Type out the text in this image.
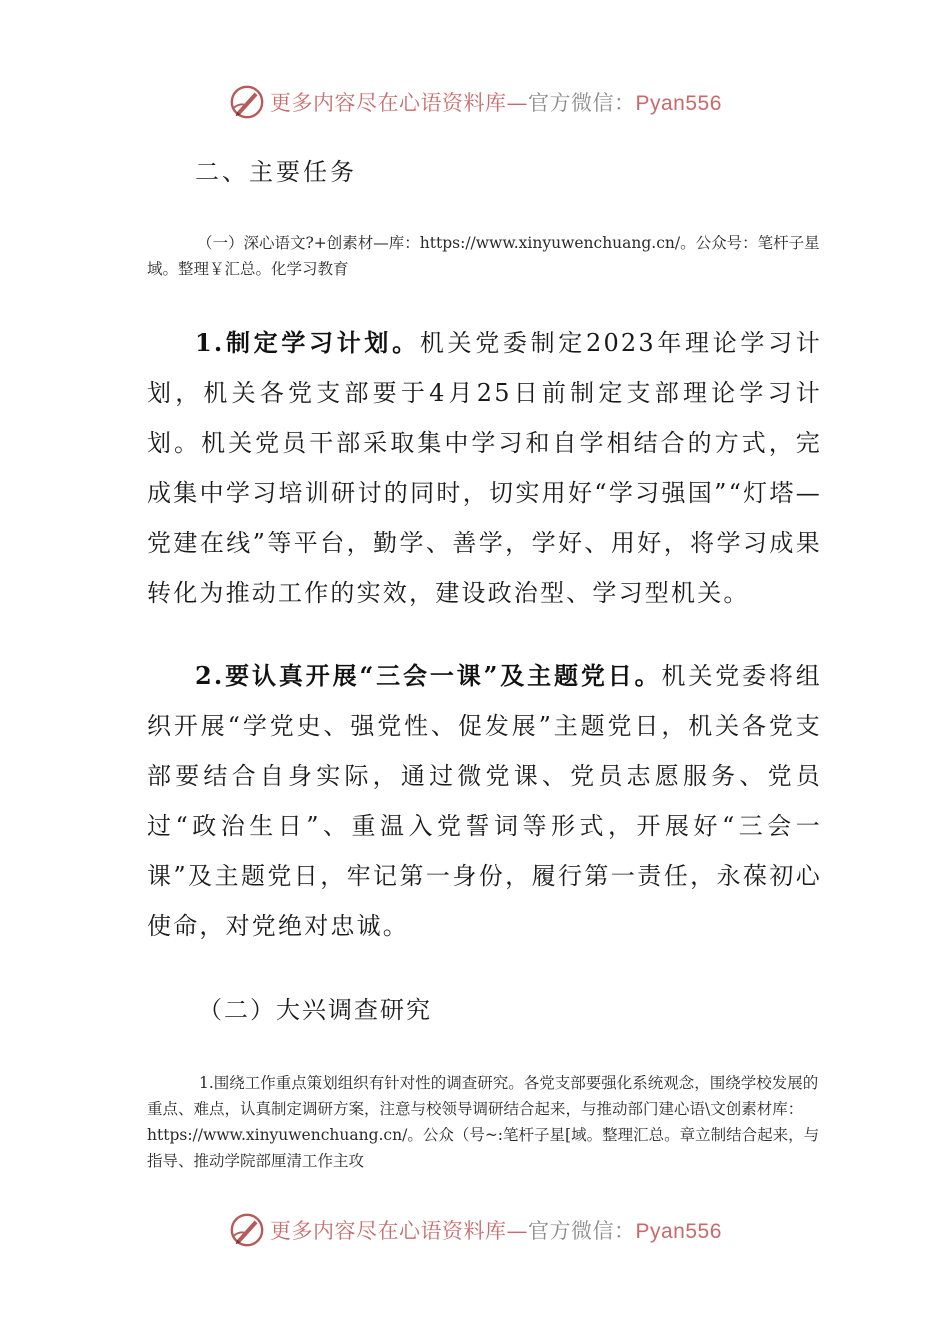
更多内容尽在心语资料库—官方微信：Pyan556
二、主要任务
（一）深心语文?+创素材—库：https://www.xinyuwenchuang.cn/。公众号：笔杆子星域。整理￥汇总。化学习教育
1.制定学习计划。机关党委制定2023年理论学习计划，机关各党支部要于4月25日前制定支部理论学习计划。机关党员干部采取集中学习和自学相结合的方式，完成集中学习培训研讨的同时，切实用好“学习强国”“灯塔—党建在线”等平台，勤学、善学，学好、用好，将学习成果转化为推动工作的实效，建设政治型、学习型机关。
2.要认真开展“三会一课”及主题党日。机关党委将组织开展“学党史、强党性、促发展”主题党日，机关各党支部要结合自身实际，通过微党课、党员志愿服务、党员过“政治生日”、重温入党誓词等形式，开展好“三会一课”及主题党日，牢记第一身份，履行第一责任，永葆初心使命，对党绝对忠诚。
（二）大兴调查研究
1.围绕工作重点策划组织有针对性的调查研究。各党支部要强化系统观念，围绕学校发展的重点、难点，认真制定调研方案，注意与校领导调研结合起来，与推动部门建心语\文创素材库：https://www.xinyuwenchuang.cn/。公众（号~:笔杆子星[域。整理汇总。章立制结合起来，与指导、推动学院部厘清工作主攻
更多内容尽在心语资料库—官方微信：Pyan556
